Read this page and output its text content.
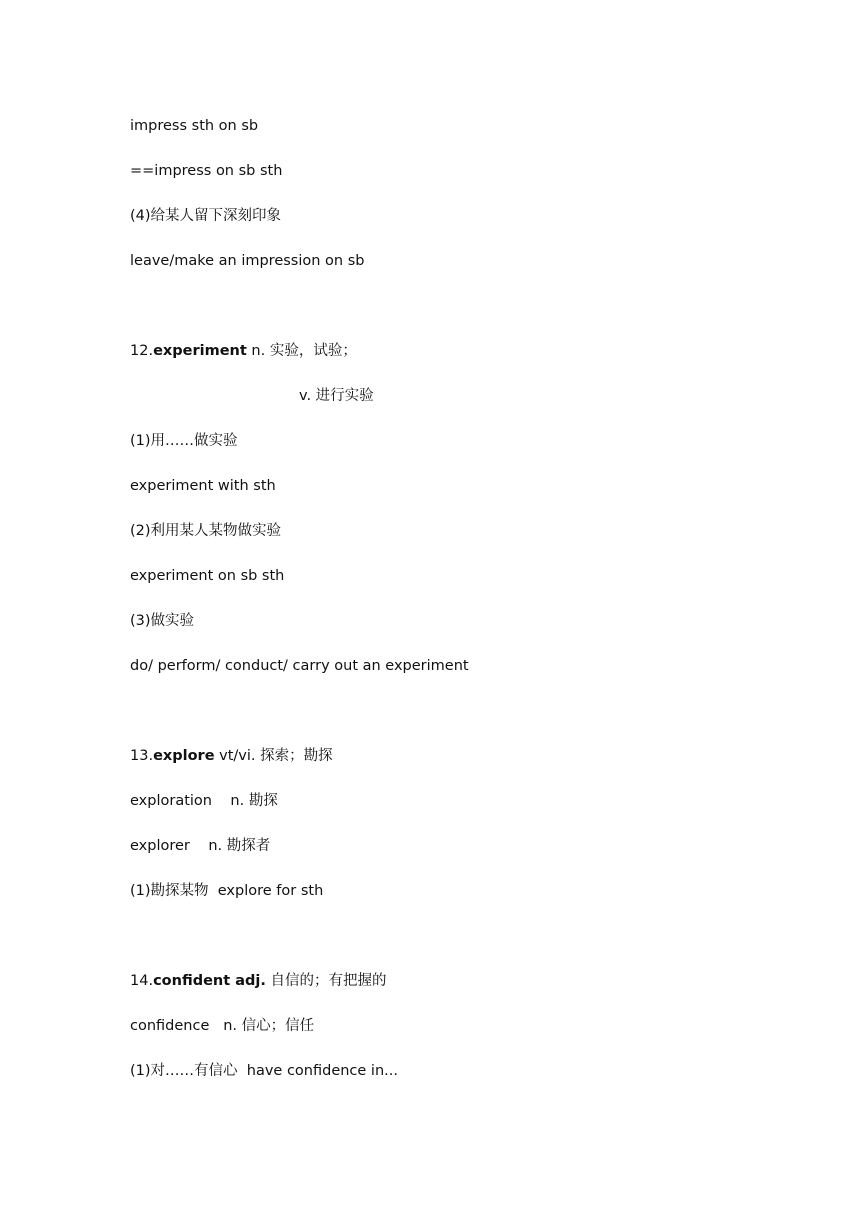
impress sth on sb
==impress on sb sth
(4)给某人留下深刻印象
leave/make an impression on sb
12.experiment n. 实验，试验；
v. 进行实验
(1)用……做实验
experiment with sth
(2)利用某人某物做实验
experiment on sb sth
(3)做实验
do/ perform/ conduct/ carry out an experiment
13.explore vt/vi. 探索；勘探
exploration    n. 勘探
explorer    n. 勘探者
(1)勘探某物  explore for sth
14.confident adj. 自信的；有把握的
confidence   n. 信心；信任
(1)对……有信心  have confidence in...
